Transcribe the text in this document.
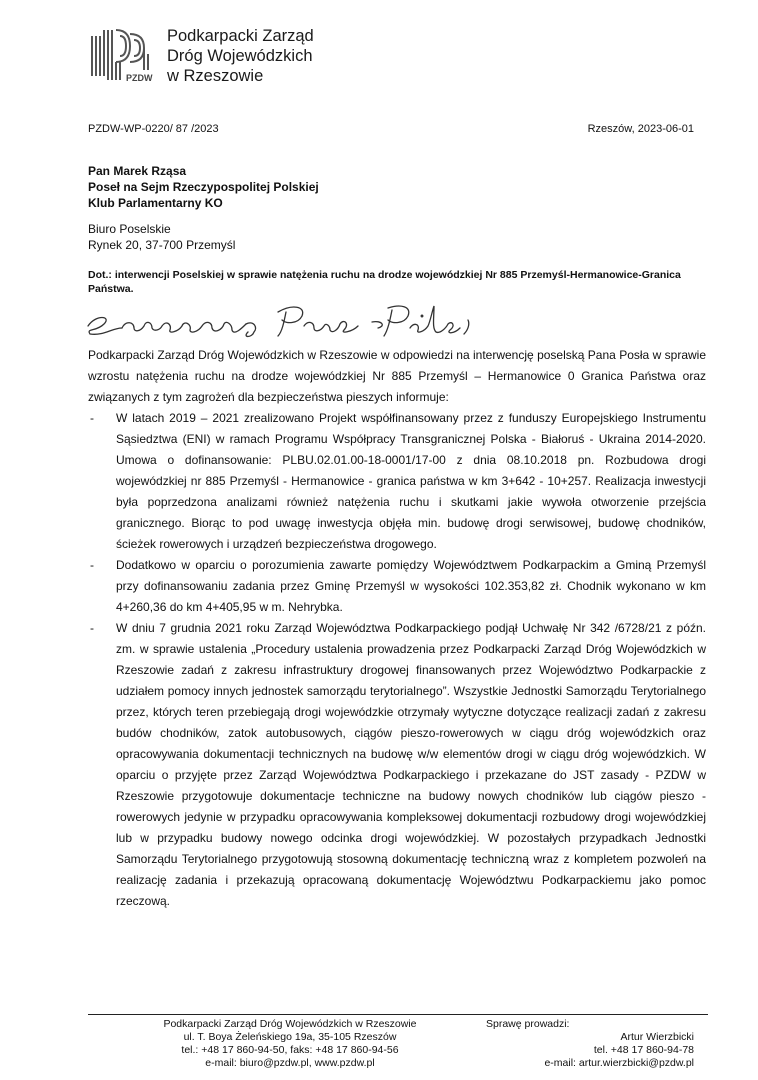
PZDW
Podkarpacki Zarząd
Dróg Wojewódzkich
w Rzeszowie
PZDW-WP-0220/ 87 /2023	Rzeszów, 2023-06-01
Pan Marek Rząsa
Poseł na Sejm Rzeczypospolitej Polskiej
Klub Parlamentarny KO
Biuro Poselskie
Rynek 20, 37-700 Przemyśl
Dot.: interwencji Poselskiej w sprawie natężenia ruchu na drodze wojewódzkiej Nr 885 Przemyśl-Hermanowice-Granica Państwa.

Podkarpacki Zarząd Dróg Wojewódzkich w Rzeszowie w odpowiedzi na interwencję poselską Pana Posła w sprawie wzrostu natężenia ruchu na drodze wojewódzkiej Nr 885 Przemyśl – Hermanowice 0 Granica Państwa oraz związanych z tym zagrożeń dla bezpieczeństwa pieszych informuje:

- W latach 2019 – 2021 zrealizowano Projekt współfinansowany przez z funduszy Europejskiego Instrumentu Sąsiedztwa (ENI) w ramach Programu Współpracy Transgranicznej Polska - Białoruś - Ukraina 2014-2020. Umowa o dofinansowanie: PLBU.02.01.00-18-0001/17-00 z dnia 08.10.2018 pn. Rozbudowa drogi wojewódzkiej nr 885 Przemyśl - Hermanowice - granica państwa w km 3+642 - 10+257. Realizacja inwestycji była poprzedzona analizami również natężenia ruchu i skutkami jakie wywoła otworzenie przejścia granicznego. Biorąc to pod uwagę inwestycja objęła min. budowę drogi serwisowej, budowę chodników, ścieżek rowerowych i urządzeń bezpieczeństwa drogowego.
- Dodatkowo w oparciu o porozumienia zawarte pomiędzy Województwem Podkarpackim a Gminą Przemyśl przy dofinansowaniu zadania przez Gminę Przemyśl w wysokości 102.353,82 zł. Chodnik wykonano w km 4+260,36 do km 4+405,95 w m. Nehrybka.
- W dniu 7 grudnia 2021 roku Zarząd Województwa Podkarpackiego podjął Uchwałę Nr 342 /6728/21 z późn. zm. w sprawie ustalenia „Procedury ustalenia prowadzenia przez Podkarpacki Zarząd Dróg Wojewódzkich w Rzeszowie zadań z zakresu infrastruktury drogowej finansowanych przez Województwo Podkarpackie z udziałem pomocy innych jednostek samorządu terytorialnego”. Wszystkie Jednostki Samorządu Terytorialnego przez, których teren przebiegają drogi wojewódzkie otrzymały wytyczne dotyczące realizacji zadań z zakresu budów chodników, zatok autobusowych, ciągów pieszo-rowerowych w ciągu dróg wojewódzkich oraz opracowywania dokumentacji technicznych na budowę w/w elementów drogi w ciągu dróg wojewódzkich. W oparciu o przyjęte przez Zarząd Województwa Podkarpackiego i przekazane do JST zasady - PZDW w Rzeszowie przygotowuje dokumentacje techniczne na budowy nowych chodników lub ciągów pieszo - rowerowych jedynie w przypadku opracowywania kompleksowej dokumentacji rozbudowy drogi wojewódzkiej lub w przypadku budowy nowego odcinka drogi wojewódzkiej. W pozostałych przypadkach Jednostki Samorządu Terytorialnego przygotowują stosowną dokumentację techniczną wraz z kompletem pozwoleń na realizację zadania i przekazują opracowaną dokumentację Województwu Podkarpackiemu jako pomoc rzeczową.
Podkarpacki Zarząd Dróg Wojewódzkich w Rzeszowie
ul. T. Boya Żeleńskiego 19a, 35-105 Rzeszów
tel.: +48 17 860-94-50, faks: +48 17 860-94-56
e-mail: biuro@pzdw.pl, www.pzdw.pl
Sprawę prowadzi:
Artur Wierzbicki
tel. +48 17 860-94-78
e-mail: artur.wierzbicki@pzdw.pl
